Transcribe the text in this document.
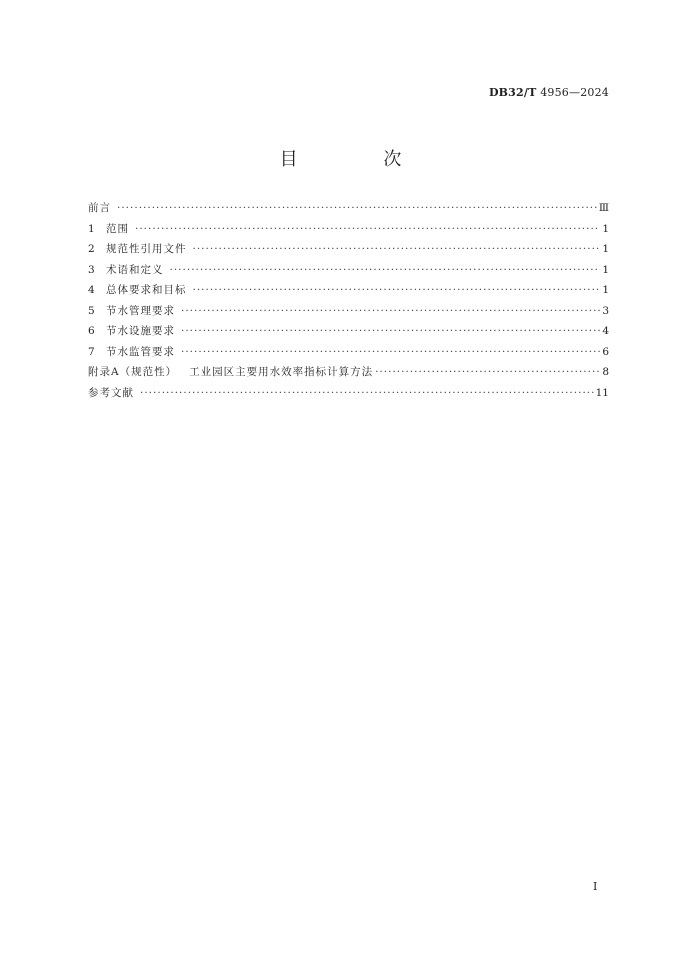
DB32/T 4956—2024
目 次
前言 ·····	Ⅲ
1	范围 ·····	1
2	规范性引用文件 ·····	1
3	术语和定义 ·····	1
4	总体要求和目标 ·····	1
5	节水管理要求 ·····	3
6	节水设施要求 ·····	4
7	节水监管要求 ·····	6
附录A（规范性） 工业园区主要用水效率指标计算方法 ·····	8
参考文献 ·····	11
Ⅰ
